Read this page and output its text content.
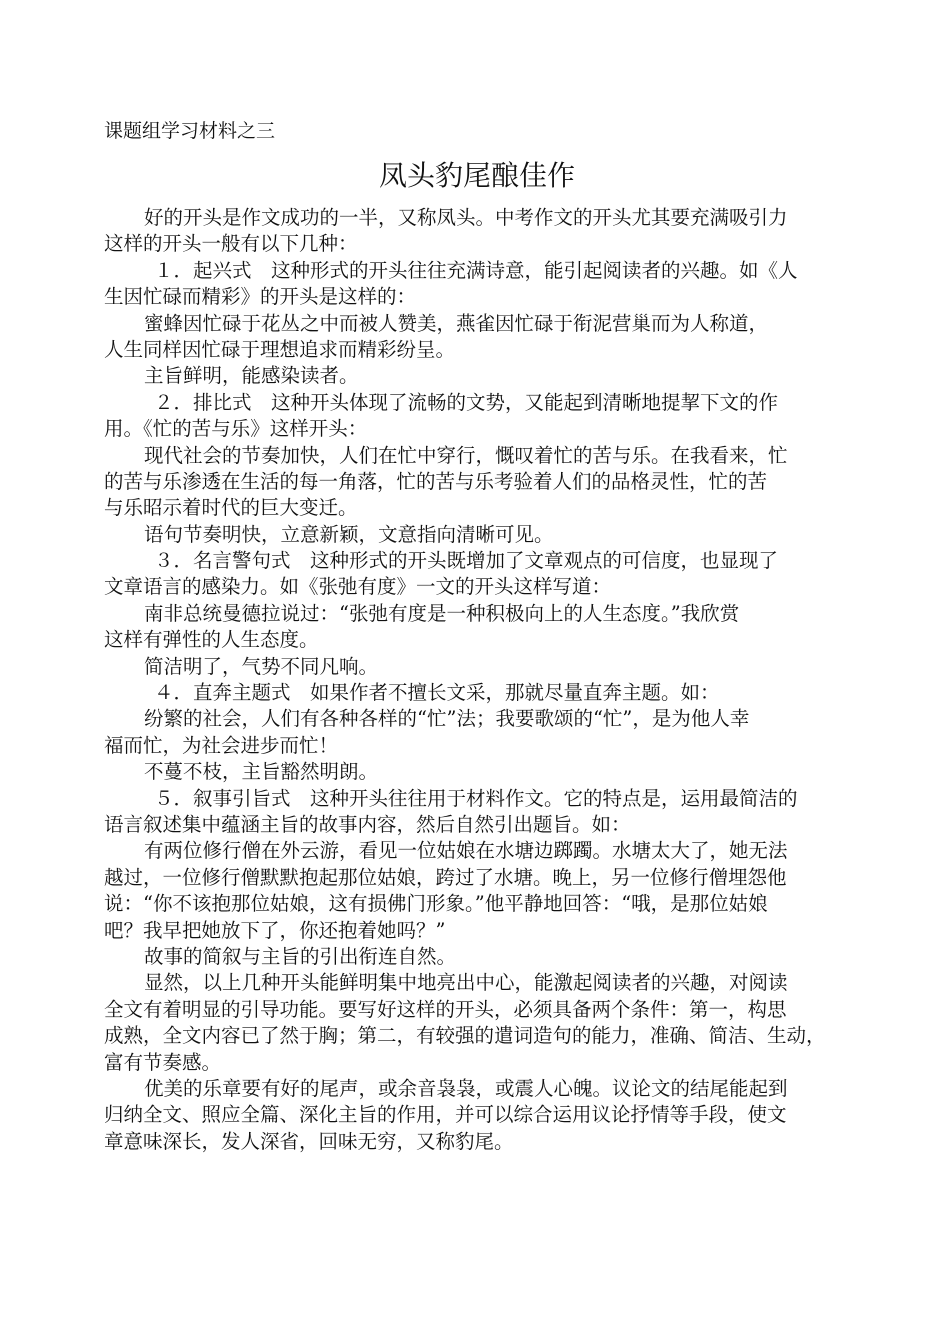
课题组学习材料之三
凤头豹尾酿佳作
好的开头是作文成功的一半，又称凤头。中考作文的开头尤其要充满吸引力
这样的开头一般有以下几种：
１．起兴式　这种形式的开头往往充满诗意，能引起阅读者的兴趣。如《人
生因忙碌而精彩》的开头是这样的：
蜜蜂因忙碌于花丛之中而被人赞美，燕雀因忙碌于衔泥营巢而为人称道，
人生同样因忙碌于理想追求而精彩纷呈。
主旨鲜明，能感染读者。
２．排比式　这种开头体现了流畅的文势，又能起到清晰地提挈下文的作
用。《忙的苦与乐》这样开头：
现代社会的节奏加快，人们在忙中穿行，慨叹着忙的苦与乐。在我看来，忙
的苦与乐渗透在生活的每一角落，忙的苦与乐考验着人们的品格灵性，忙的苦
与乐昭示着时代的巨大变迁。
语句节奏明快，立意新颖，文意指向清晰可见。
３．名言警句式　这种形式的开头既增加了文章观点的可信度，也显现了
文章语言的感染力。如《张弛有度》一文的开头这样写道：
南非总统曼德拉说过：“张弛有度是一种积极向上的人生态度。”我欣赏
这样有弹性的人生态度。
简洁明了，气势不同凡响。
４．直奔主题式　如果作者不擅长文采，那就尽量直奔主题。如：
纷繁的社会，人们有各种各样的“忙”法；我要歌颂的“忙”，是为他人幸
福而忙，为社会进步而忙！
不蔓不枝，主旨豁然明朗。
５．叙事引旨式　这种开头往往用于材料作文。它的特点是，运用最简洁的
语言叙述集中蕴涵主旨的故事内容，然后自然引出题旨。如：
有两位修行僧在外云游，看见一位姑娘在水塘边踯躅。水塘太大了，她无法
越过，一位修行僧默默抱起那位姑娘，跨过了水塘。晚上，另一位修行僧埋怨他
说：“你不该抱那位姑娘，这有损佛门形象。”他平静地回答：“哦，是那位姑娘
吧？我早把她放下了，你还抱着她吗？”
故事的简叙与主旨的引出衔连自然。
显然，以上几种开头能鲜明集中地亮出中心，能激起阅读者的兴趣，对阅读
全文有着明显的引导功能。要写好这样的开头，必须具备两个条件：第一，构思
成熟，全文内容已了然于胸；第二，有较强的遣词造句的能力，准确、简洁、生动，
富有节奏感。
优美的乐章要有好的尾声，或余音袅袅，或震人心魄。议论文的结尾能起到
归纳全文、照应全篇、深化主旨的作用，并可以综合运用议论抒情等手段，使文
章意味深长，发人深省，回味无穷，又称豹尾。
